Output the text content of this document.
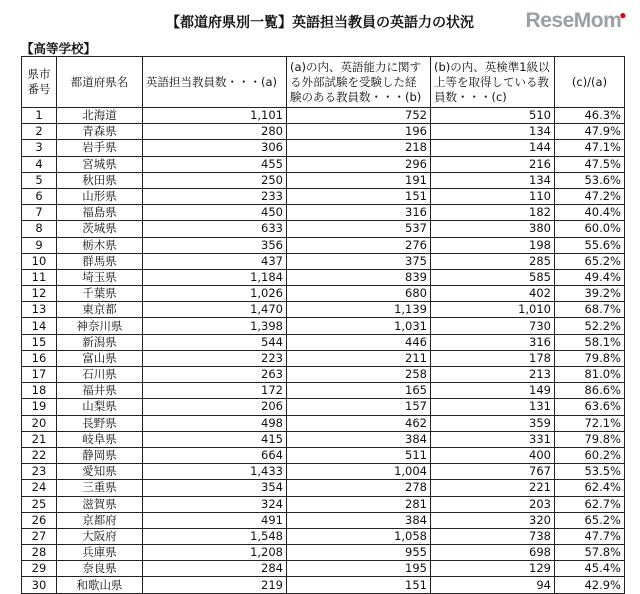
【都道府県別一覧】英語担当教員の英語力の状況	ReseMom●
【高等学校】
県市番号	都道府県名	英語担当教員数・・・(a)	(a)の内、英語能力に関する外部試験を受験した経験のある教員数・・・(b)	(b)の内、英検準1級以上等を取得している教員数・・・(c)	(c)/(a)
1	北海道	1,101	752	510	46.3%
2	青森県	280	196	134	47.9%
3	岩手県	306	218	144	47.1%
4	宮城県	455	296	216	47.5%
5	秋田県	250	191	134	53.6%
6	山形県	233	151	110	47.2%
7	福島県	450	316	182	40.4%
8	茨城県	633	537	380	60.0%
9	栃木県	356	276	198	55.6%
10	群馬県	437	375	285	65.2%
11	埼玉県	1,184	839	585	49.4%
12	千葉県	1,026	680	402	39.2%
13	東京都	1,470	1,139	1,010	68.7%
14	神奈川県	1,398	1,031	730	52.2%
15	新潟県	544	446	316	58.1%
16	富山県	223	211	178	79.8%
17	石川県	263	258	213	81.0%
18	福井県	172	165	149	86.6%
19	山梨県	206	157	131	63.6%
20	長野県	498	462	359	72.1%
21	岐阜県	415	384	331	79.8%
22	静岡県	664	511	400	60.2%
23	愛知県	1,433	1,004	767	53.5%
24	三重県	354	278	221	62.4%
25	滋賀県	324	281	203	62.7%
26	京都府	491	384	320	65.2%
27	大阪府	1,548	1,058	738	47.7%
28	兵庫県	1,208	955	698	57.8%
29	奈良県	284	195	129	45.4%
30	和歌山県	219	151	94	42.9%
